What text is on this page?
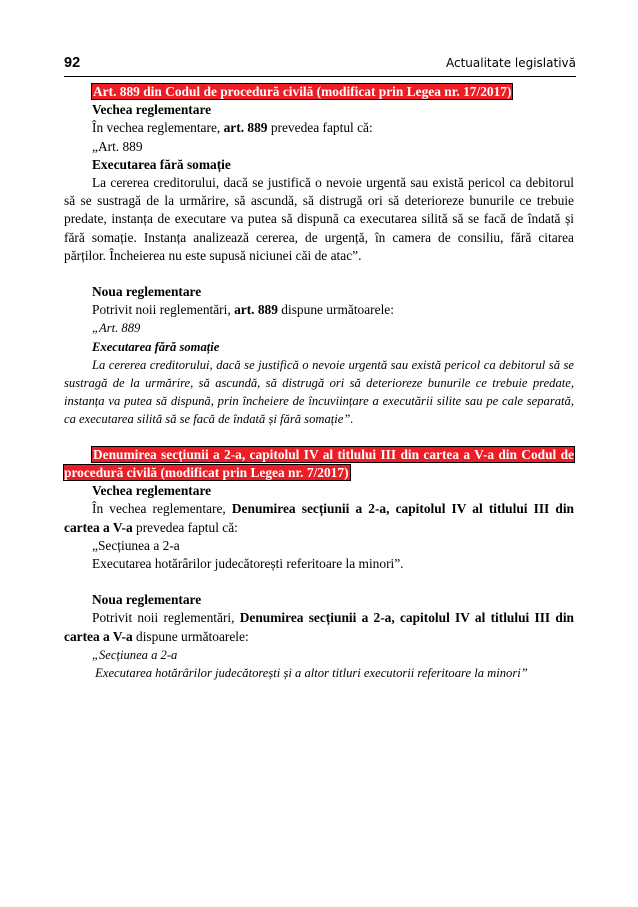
92	Actualitate legislativă

Art. 889 din Codul de procedură civilă (modificat prin Legea nr. 17/2017)

Vechea reglementare

În vechea reglementare, art. 889 prevedea faptul că:

„Art. 889

Executarea fără somație

La cererea creditorului, dacă se justifică o nevoie urgentă sau există pericol ca debitorul să se sustragă de la urmărire, să ascundă, să distrugă ori să deterioreze bunurile ce trebuie predate, instanța de executare va putea să dispună ca executarea silită să se facă de îndată și fără somație. Instanța analizează cererea, de urgență, în camera de consiliu, fără citarea părților. Încheierea nu este supusă niciunei căi de atac”.

Noua reglementare

Potrivit noii reglementări, art. 889 dispune următoarele:

„Art. 889

Executarea fără somație

La cererea creditorului, dacă se justifică o nevoie urgentă sau există pericol ca debitorul să se sustragă de la urmărire, să ascundă, să distrugă ori să deterioreze bunurile ce trebuie predate, instanța va putea să dispună, prin încheiere de încuviințare a executării silite sau pe cale separată, ca executarea silită să se facă de îndată și fără somație”.

Denumirea secțiunii a 2-a, capitolul IV al titlului III din cartea a V-a din Codul de procedură civilă (modificat prin Legea nr. 7/2017)

Vechea reglementare

În vechea reglementare, Denumirea secțiunii a 2-a, capitolul IV al titlului III din cartea a V-a prevedea faptul că:

„Secțiunea a 2-a

Executarea hotărârilor judecătorești referitoare la minori”.

Noua reglementare

Potrivit noii reglementări, Denumirea secțiunii a 2-a, capitolul IV al titlului III din cartea a V-a dispune următoarele:

„Secțiunea a 2-a

Executarea hotărârilor judecătorești și a altor titluri executorii referitoare la minori”
